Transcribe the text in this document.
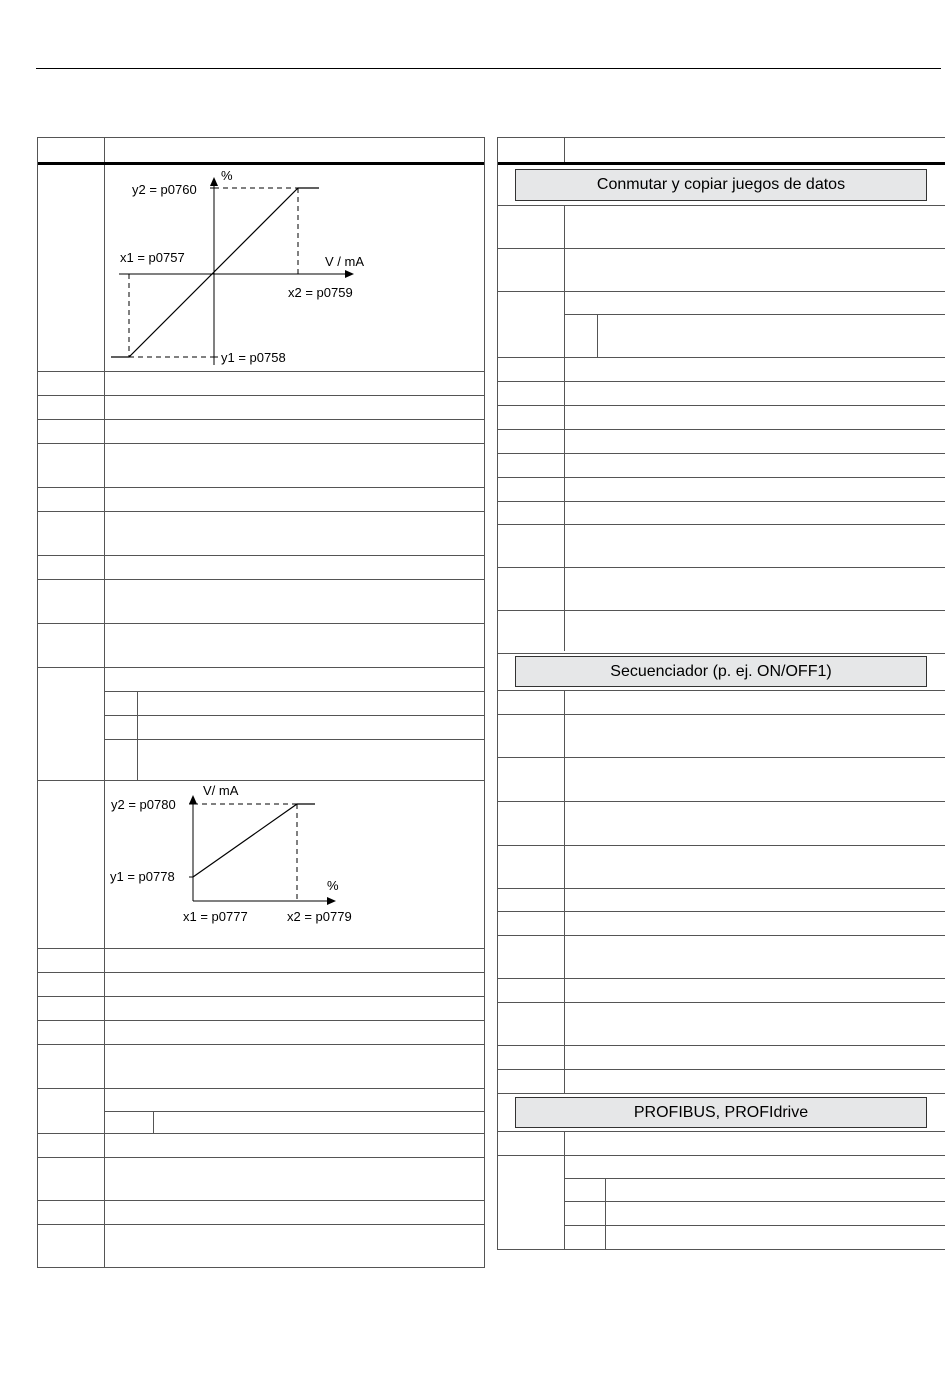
%
V / mA
y2 = p0760
x1 = p0757
x2 = p0759
y1 = p0758
V/ mA
%
y2 = p0780
y1 = p0778
x1 = p0777	x2 = p0779
Conmutar y copiar juegos de datos
Secuenciador (p. ej. ON/OFF1)
PROFIBUS, PROFIdrive
